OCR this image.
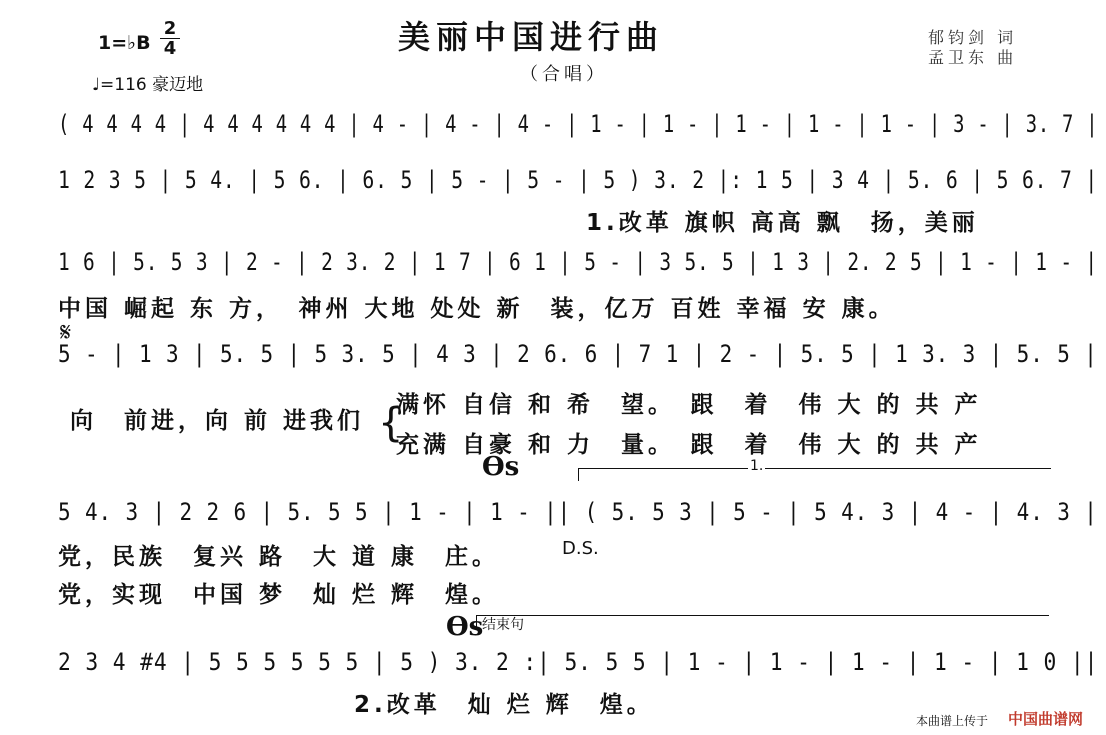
美丽中国进行曲
（合唱）
1=♭B
2
4
♩=116 豪迈地
郁钧剑 词
孟卫东 曲
( 4 4 4 4 | 4 4 4 4 4 4 | 4 - | 4 - | 4 - | 1 - | 1 - | 1 - | 1 - | 1 - | 3 - | 3. 7 |
1 2 3 5 | 5 4. | 5 6. | 6. 5 | 5 - | 5 - | 5 ) 3. 2 |: 1 5 | 3 4 | 5. 6 | 5 6. 7 |
1.改革 旗帜 高高 飘　扬，美丽
1 6 | 5. 5 3 | 2 - | 2 3. 2 | 1 7 | 6 1 | 5 - | 3 5. 5 | 1 3 | 2. 2 5 | 1 - | 1 - |
中国 崛起 东 方，　神州 大地 处处 新　装，亿万 百姓 幸福 安 康。
𝄋
5 - | 1 3 | 5. 5 | 5 3. 5 | 4 3 | 2 6. 6 | 7 1 | 2 - | 5. 5 | 1 3. 3 | 5. 5 |
向　前进，向 前 进我们 {
满怀 自信 和 希　望。　跟　着　伟 大 的 共 产
充满 自豪 和 力　量。　跟　着　伟 大 的 共 产
ϴs	1.
5 4. 3 | 2 2 6 | 5. 5 5 | 1 - | 1 - || ( 5. 5 3 | 5 - | 5 4. 3 | 4 - | 4. 3 |
党，民族　复兴 路　大 道 康　庄。	D.S.
党，实现　中国 梦　灿 烂 辉　煌。
ϴs
结束句
2 3 4 #4 | 5 5 5 5 5 5 | 5 ) 3. 2 :| 5. 5 5 | 1 - | 1 - | 1 - | 1 - | 1 0 ||
2.改革　灿 烂 辉　煌。
本曲谱上传于 中国曲谱网
